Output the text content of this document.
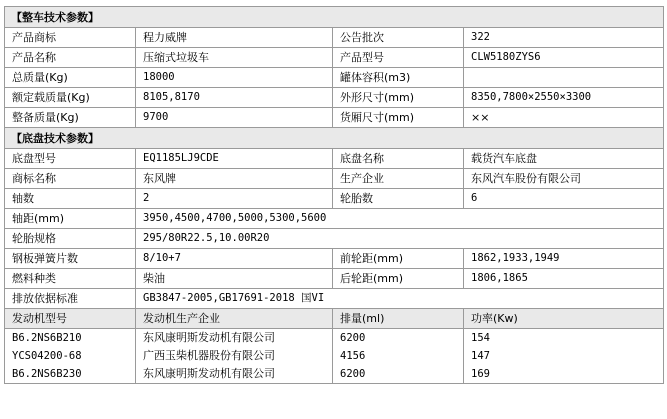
【整车技术参数】			
产品商标	程力威牌	公告批次	322
产品名称	压缩式垃圾车	产品型号	CLW5180ZYS6
总质量(Kg)	18000	罐体容积(m3)	
额定载质量(Kg)	8105,8170	外形尺寸(mm)	8350,7800×2550×3300
整备质量(Kg)	9700	货厢尺寸(mm)	××
【底盘技术参数】			
底盘型号	EQ1185LJ9CDE	底盘名称	载货汽车底盘
商标名称	东风牌	生产企业	东风汽车股份有限公司
轴数	2	轮胎数	6
轴距(mm)	3950,4500,4700,5000,5300,5600		
轮胎规格	295/80R22.5,10.00R20		
钢板弹簧片数	8/10+7	前轮距(mm)	1862,1933,1949
燃料种类	柴油	后轮距(mm)	1806,1865
排放依据标准	GB3847-2005,GB17691-2018 国VI		
发动机型号	发动机生产企业	排量(ml)	功率(Kw)
B6.2NS6B210	东风康明斯发动机有限公司	6200	154
YCS04200-68	广西玉柴机器股份有限公司	4156	147
B6.2NS6B230	东风康明斯发动机有限公司	6200	169
